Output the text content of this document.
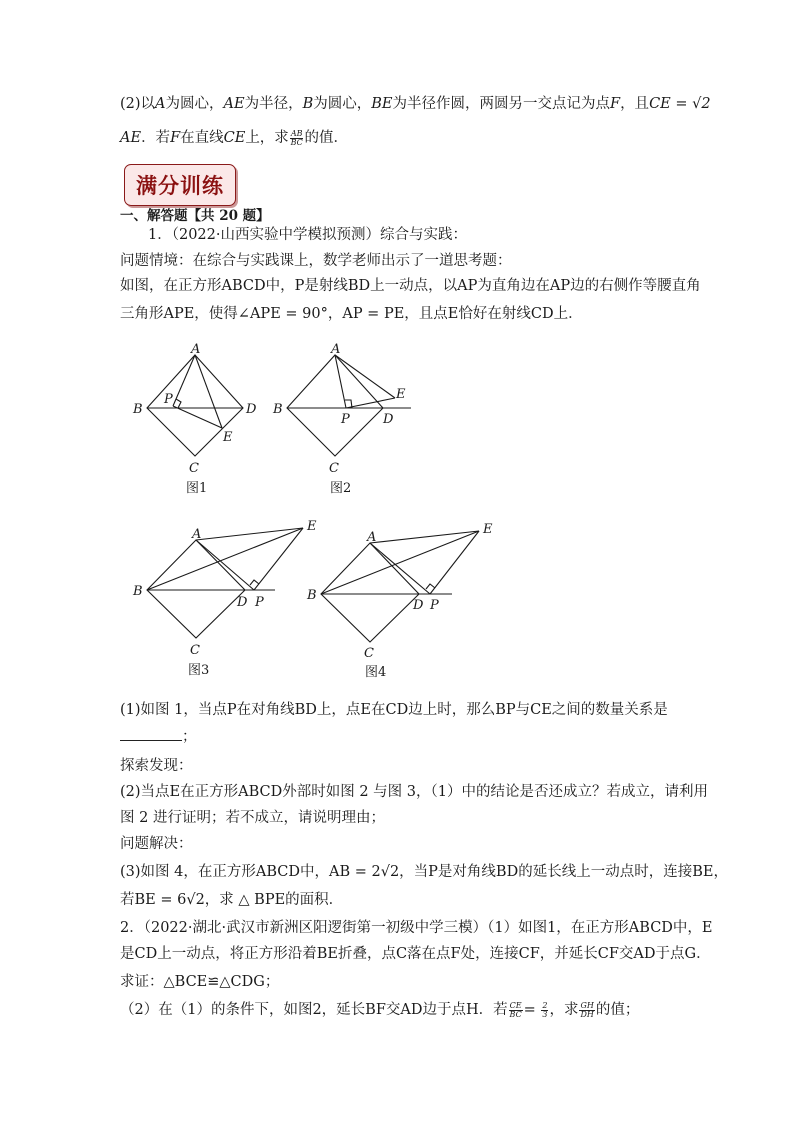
(2)以A为圆心，AE为半径，B为圆心，BE为半径作圆，两圆另一交点记为点F，且CE = √2
AE．若F在直线CE上，求 $\frac{AB}{BC}$ 的值．
满分训练
一、解答题【共 20 题】
1．（2022·山西实验中学模拟预测）综合与实践：
问题情境：在综合与实践课上，数学老师出示了一道思考题：
如图，在正方形ABCD中，P是射线BD上一动点，以AP为直角边在AP边的右侧作等腰直角
三角形APE，使得∠APE = 90°，AP = PE，且点E恰好在射线CD上．
A
B	D
C
P
E
图1
A
B
P	D
E
C
图2
A
E
B
D P
C
图3
A
E
B
D P
C
图4
(1)如图 1，当点P在对角线BD上，点E在CD边上时，那么BP与CE之间的数量关系是
；
探索发现：
(2)当点E在正方形ABCD外部时如图 2 与图 3，（1）中的结论是否还成立？若成立，请利用
图 2 进行证明；若不成立，请说明理由；
问题解决：
(3)如图 4，在正方形ABCD中，AB = 2√2，当P是对角线BD的延长线上一动点时，连接BE，
若BE = 6√2，求 △ BPE的面积．
2．（2022·湖北·武汉市新洲区阳逻街第一初级中学三模）（1）如图1，在正方形ABCD中，E
是CD上一动点，将正方形沿着BE折叠，点C落在点F处，连接CF，并延长CF交AD于点G．
求证：△BCE≌△CDG；
（2）在（1）的条件下，如图2，延长BF交AD边于点H．若 $\frac{CE}{BC} = \frac{2}{3}$ ，求 $\frac{GH}{DH}$ 的值；
